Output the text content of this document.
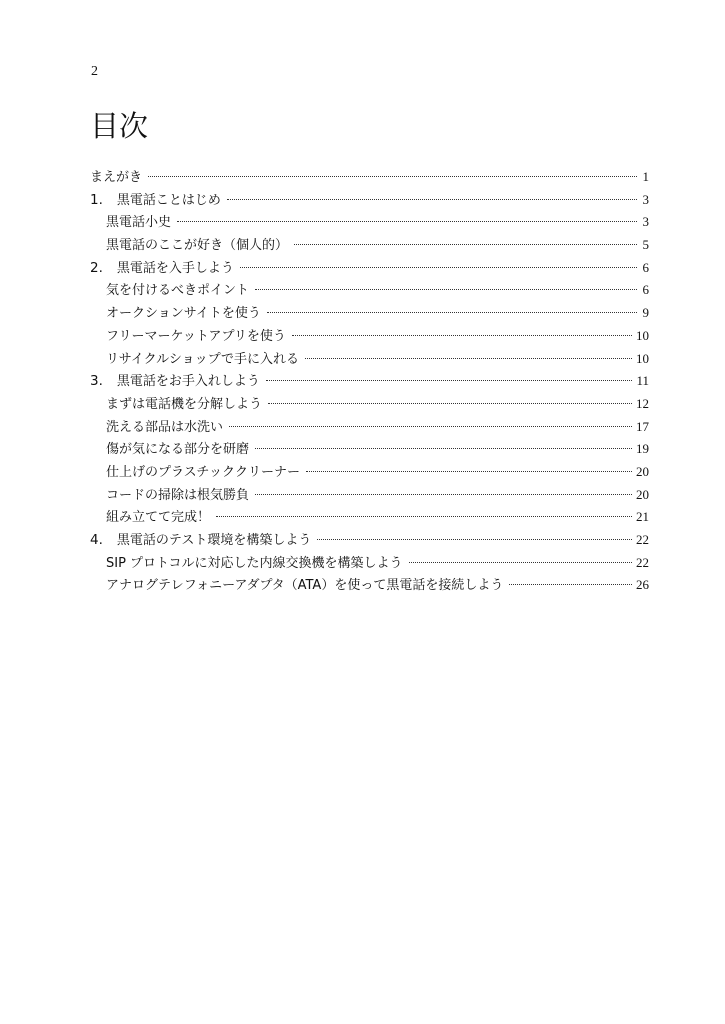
2
目次
まえがき	1
1. 黒電話ことはじめ	3
黒電話小史	3
黒電話のここが好き（個人的）	5
2. 黒電話を入手しよう	6
気を付けるべきポイント	6
オークションサイトを使う	9
フリーマーケットアプリを使う	10
リサイクルショップで手に入れる	10
3. 黒電話をお手入れしよう	11
まずは電話機を分解しよう	12
洗える部品は水洗い	17
傷が気になる部分を研磨	19
仕上げのプラスチッククリーナー	20
コードの掃除は根気勝負	20
組み立てて完成！	21
4. 黒電話のテスト環境を構築しよう	22
SIP プロトコルに対応した内線交換機を構築しよう	22
アナログテレフォニーアダプタ（ATA）を使って黒電話を接続しよう	26
